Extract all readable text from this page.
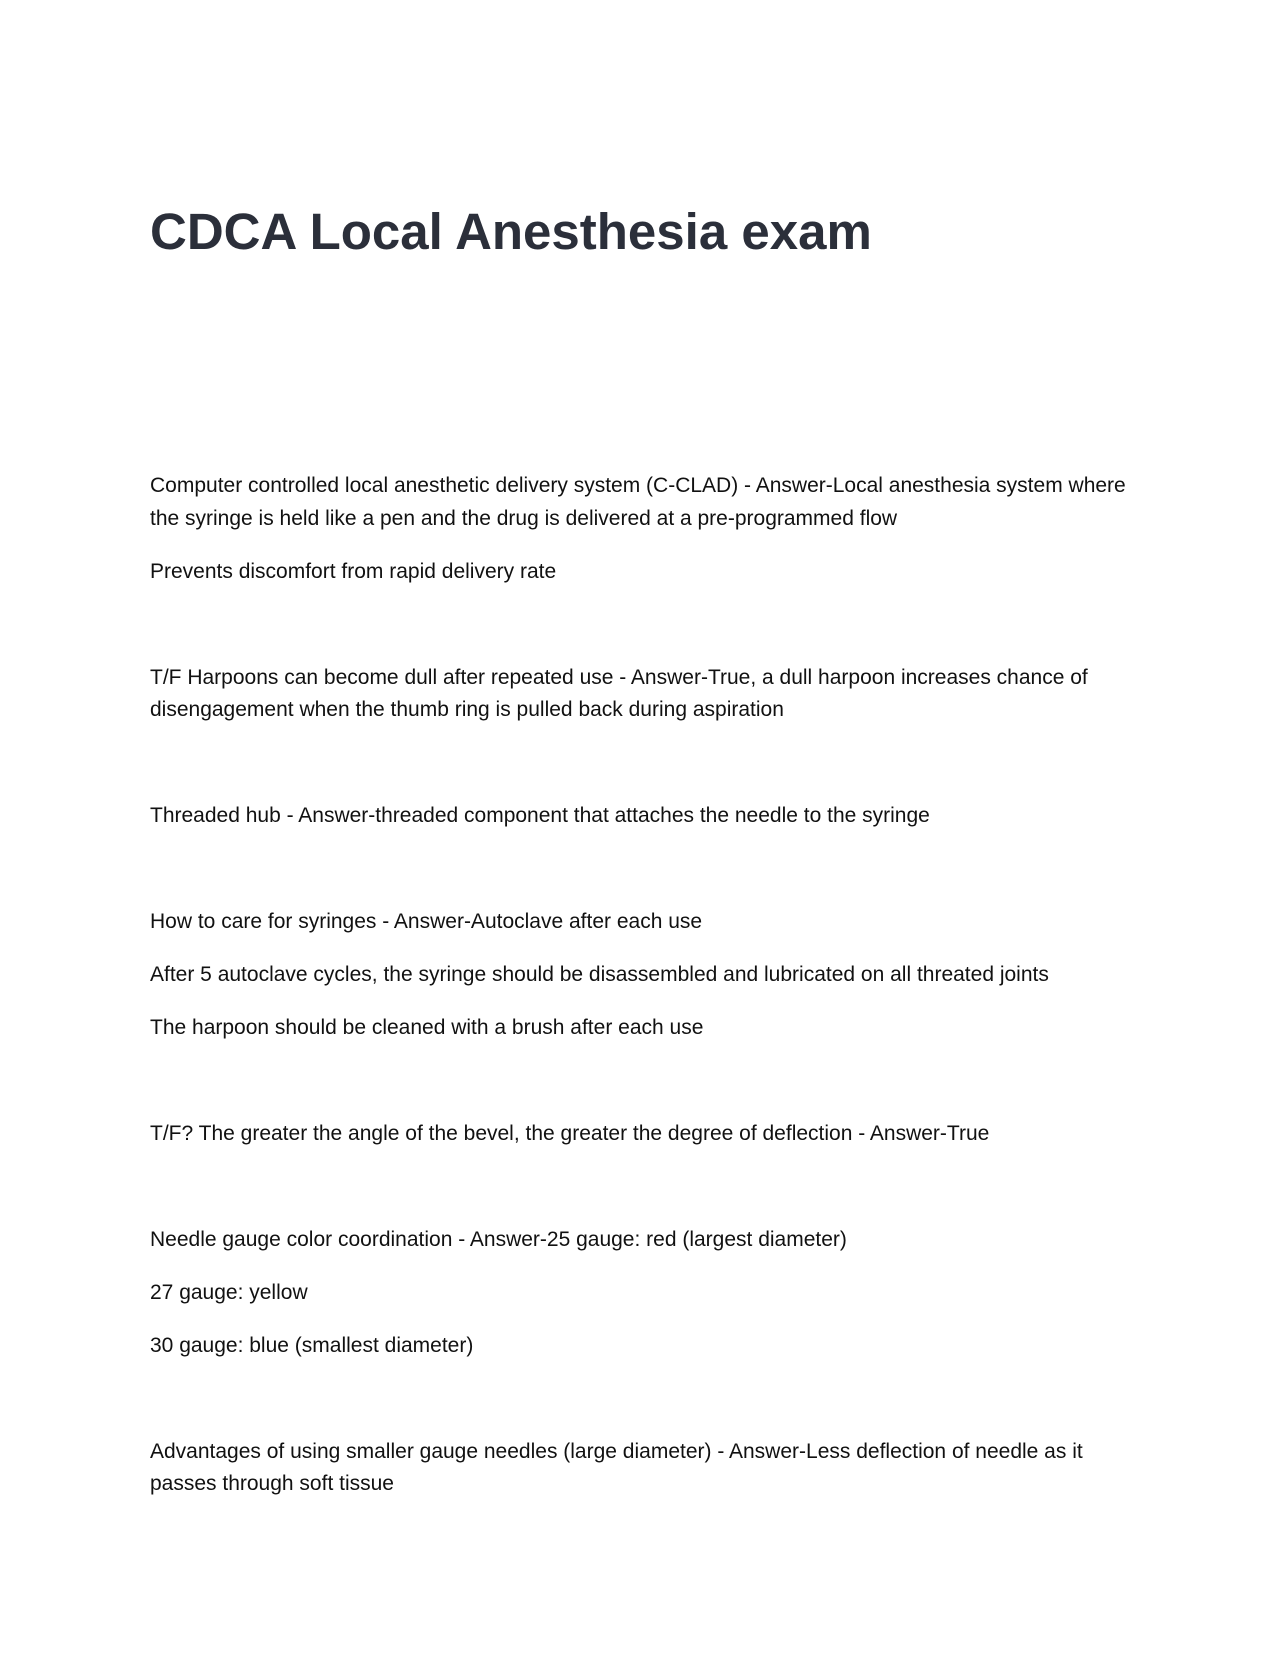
CDCA Local Anesthesia exam

Computer controlled local anesthetic delivery system (C-CLAD) - Answer-Local anesthesia system where

the syringe is held like a pen and the drug is delivered at a pre-programmed flow

Prevents discomfort from rapid delivery rate

T/F Harpoons can become dull after repeated use - Answer-True, a dull harpoon increases chance of

disengagement when the thumb ring is pulled back during aspiration

Threaded hub - Answer-threaded component that attaches the needle to the syringe

How to care for syringes - Answer-Autoclave after each use

After 5 autoclave cycles, the syringe should be disassembled and lubricated on all threated joints

The harpoon should be cleaned with a brush after each use

T/F? The greater the angle of the bevel, the greater the degree of deflection - Answer-True

Needle gauge color coordination - Answer-25 gauge: red (largest diameter)

27 gauge: yellow

30 gauge: blue (smallest diameter)

Advantages of using smaller gauge needles (large diameter) - Answer-Less deflection of needle as it

passes through soft tissue
